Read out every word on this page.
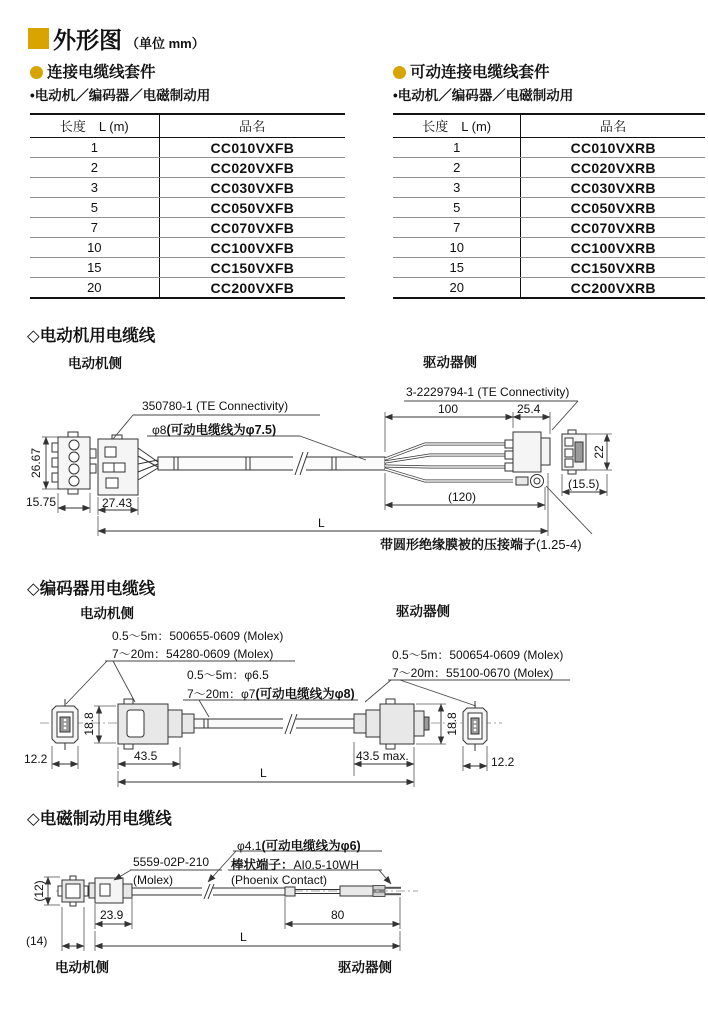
外形图 （单位 mm）
连接电缆线套件
•电动机／编码器／电磁制动用
长度　L (m)	品名
1	CC010VXFB
2	CC020VXFB
3	CC030VXFB
5	CC050VXFB
7	CC070VXFB
10	CC100VXFB
15	CC150VXFB
20	CC200VXFB
可动连接电缆线套件
•电动机／编码器／电磁制动用
长度　L (m)	品名
1	CC010VXRB
2	CC020VXRB
3	CC030VXRB
5	CC050VXRB
7	CC070VXRB
10	CC100VXRB
15	CC150VXRB
20	CC200VXRB
◇电动机用电缆线
电动机侧	驱动器侧
350780-1 (TE Connectivity)
φ8(可动电缆线为φ7.5)
3-2229794-1 (TE Connectivity)
带圆形绝缘膜被的压接端子(1.25-4)
100	25.4
26.67
15.75	27.43	(120)
L
22
(15.5)
◇编码器用电缆线
电动机侧	驱动器侧
0.5～5m：500655-0609 (Molex)
7～20m：54280-0609 (Molex)
0.5～5m：φ6.5
7～20m：φ7(可动电缆线为φ8)
0.5～5m：500654-0609 (Molex)
7～20m：55100-0670 (Molex)
18.8
12.2	43.5	43.5 max.
L
18.8
12.2
◇电磁制动用电缆线
φ4.1(可动电缆线为φ6)
5559-02P-210
(Molex)
棒状端子：AI0.5-10WH
(Phoenix Contact)
(12)
23.9	80
(14)	L
电动机侧	驱动器侧
